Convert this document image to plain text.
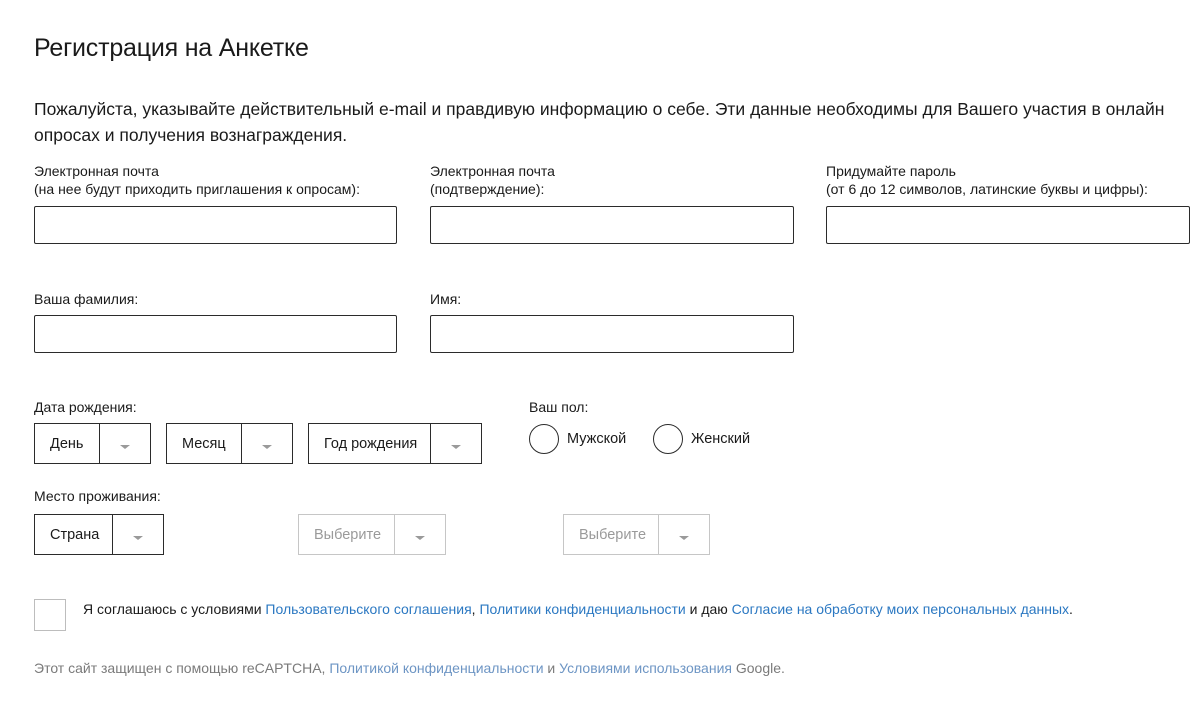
Регистрация на Анкетке
Пожалуйста, указывайте действительный e-mail и правдивую информацию о себе. Эти данные необходимы для Вашего участия в онлайн
опросах и получения вознаграждения.
Электронная почта
(на нее будут приходить приглашения к опросам):
Электронная почта
(подтверждение):
Придумайте пароль
(от 6 до 12 символов, латинские буквы и цифры):
Ваша фамилия:	Имя:
Дата рождения:
День	Месяц	Год рождения
Ваш пол:
Мужской	Женский
Место проживания:
Страна	Выберите	Выберите
Я соглашаюсь с условиями Пользовательского соглашения, Политики конфиденциальности и даю Согласие на обработку моих персональных данных.
Этот сайт защищен с помощью reCAPTCHA, Политикой конфиденциальности и Условиями использования Google.
